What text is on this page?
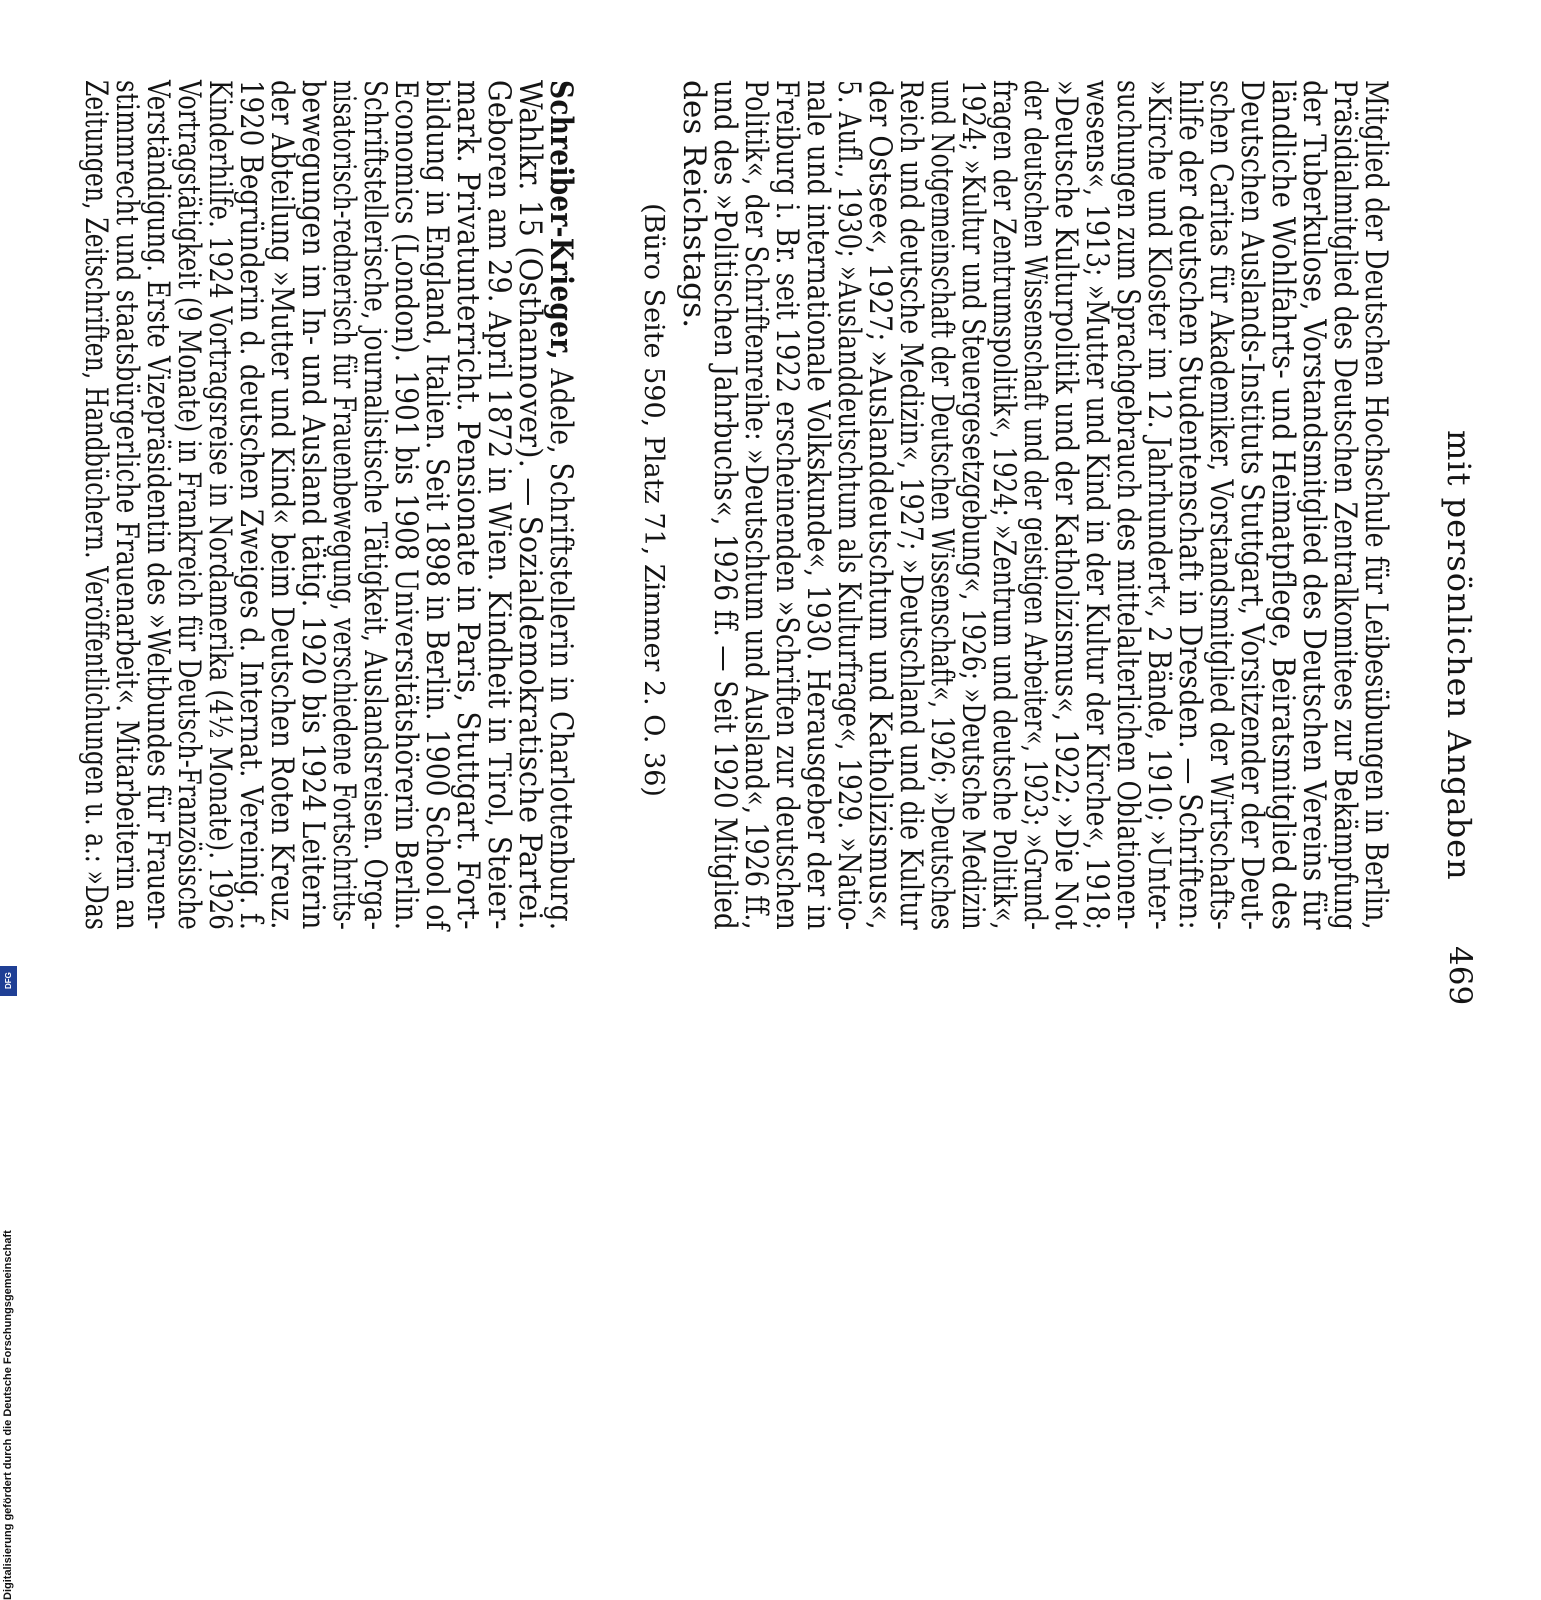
mit persönlichen Angaben
469
Mitglied der Deutschen Hochschule für Leibesübungen in Berlin,
Präsidialmitglied des Deutschen Zentralkomitees zur Bekämpfung
der Tuberkulose, Vorstandsmitglied des Deutschen Vereins für
ländliche Wohlfahrts- und Heimatpflege, Beiratsmitglied des
Deutschen Auslands-Instituts Stuttgart, Vorsitzender der Deut-
schen Caritas für Akademiker, Vorstandsmitglied der Wirtschafts-
hilfe der deutschen Studentenschaft in Dresden. — Schriften:
»Kirche und Kloster im 12. Jahrhundert«, 2 Bände, 1910; »Unter-
suchungen zum Sprachgebrauch des mittelalterlichen Oblationen-
wesens«, 1913; »Mutter und Kind in der Kultur der Kirche«, 1918;
»Deutsche Kulturpolitik und der Katholizismus«, 1922; »Die Not
der deutschen Wissenschaft und der geistigen Arbeiter«, 1923; »Grund-
fragen der Zentrumspolitik«, 1924; »Zentrum und deutsche Politik«,
1924; »Kultur und Steuergesetzgebung«, 1926; »Deutsche Medizin
und Notgemeinschaft der Deutschen Wissenschaft«, 1926; »Deutsches
Reich und deutsche Medizin«, 1927; »Deutschland und die Kultur
der Ostsee«, 1927; »Auslanddeutschtum und Katholizismus«,
5. Aufl., 1930; »Auslanddeutschtum als Kulturfrage«, 1929. »Natio-
nale und internationale Volkskunde«, 1930. Herausgeber der in
Freiburg i. Br. seit 1922 erscheinenden »Schriften zur deutschen
Politik«, der Schriftenreihe: »Deutschtum und Ausland«, 1926 ff.,
und des »Politischen Jahrbuchs«, 1926 ff. — Seit 1920 Mitglied
des Reichstags.
(Büro Seite 590, Platz 71, Zimmer 2. O. 36)
Schreiber-Krieger, Adele, Schriftstellerin in Charlottenburg.
Wahlkr. 15 (Osthannover). — Sozialdemokratische Partei.
Geboren am 29. April 1872 in Wien. Kindheit in Tirol, Steier-
mark. Privatunterricht. Pensionate in Paris, Stuttgart. Fort-
bildung in England, Italien. Seit 1898 in Berlin. 1900 School of
Economics (London). 1901 bis 1908 Universitätshörerin Berlin.
Schriftstellerische, journalistische Tätigkeit, Auslandsreisen. Orga-
nisatorisch-rednerisch für Frauenbewegung, verschiedene Fortschritts-
bewegungen im In- und Ausland tätig. 1920 bis 1924 Leiterin
der Abteilung »Mutter und Kind« beim Deutschen Roten Kreuz.
1920 Begründerin d. deutschen Zweiges d. Internat. Vereinig. f.
Kinderhilfe. 1924 Vortragsreise in Nordamerika (4½ Monate). 1926
Vortragstätigkeit (9 Monate) in Frankreich für Deutsch-Französische
Verständigung. Erste Vizepräsidentin des »Weltbundes für Frauen-
stimmrecht und staatsbürgerliche Frauenarbeit«. Mitarbeiterin an
Zeitungen, Zeitschriften, Handbüchern. Veröffentlichungen u. a.: »Das
Digitalisierung gefördert durch die Deutsche Forschungsgemeinschaft
DFG
